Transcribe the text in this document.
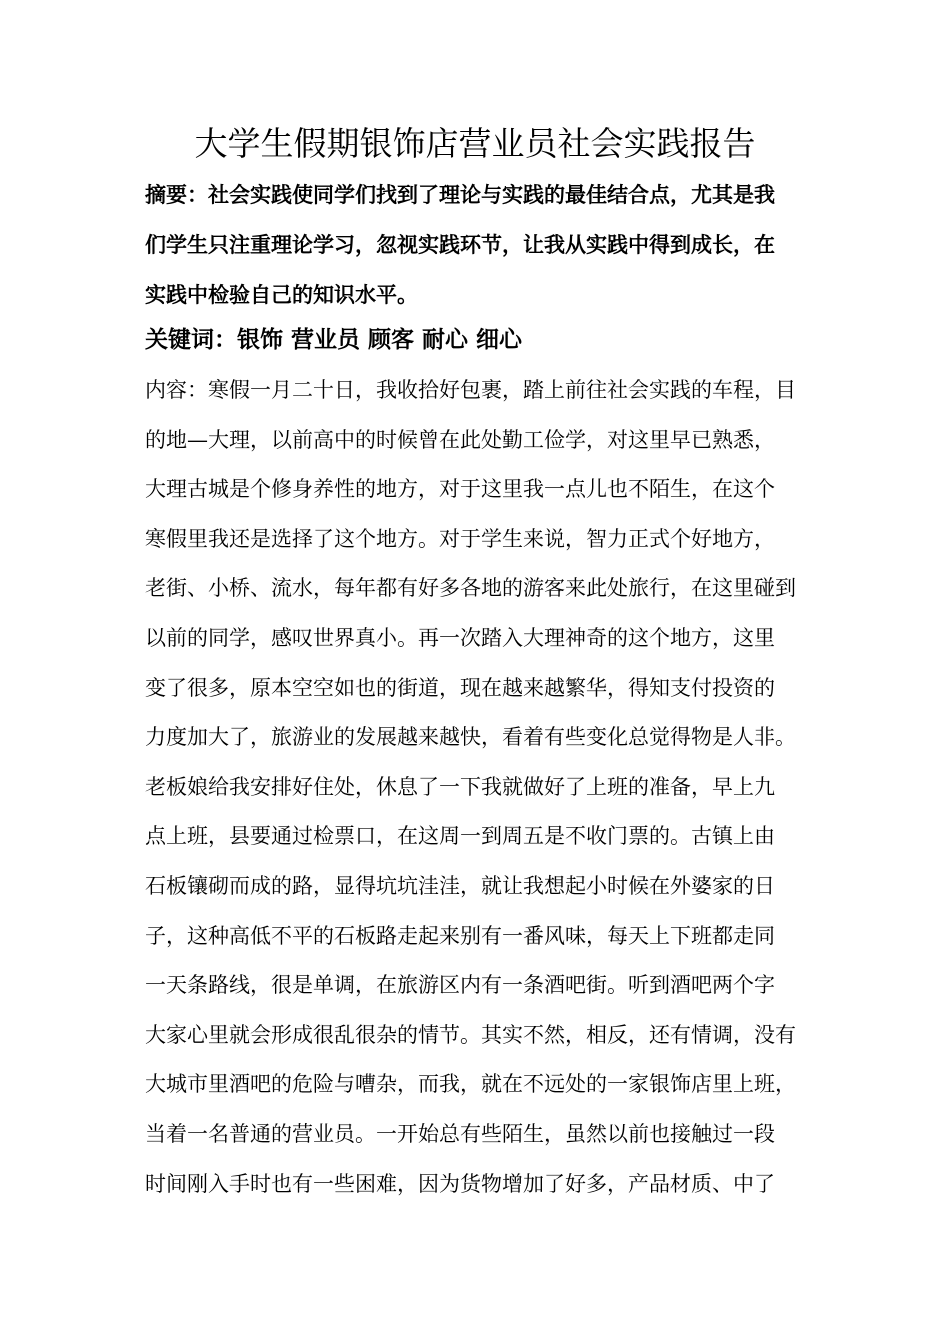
大学生假期银饰店营业员社会实践报告
摘要：社会实践使同学们找到了理论与实践的最佳结合点，尤其是我
们学生只注重理论学习，忽视实践环节，让我从实践中得到成长，在
实践中检验自己的知识水平。
关键词：银饰 营业员 顾客 耐心 细心
内容：寒假一月二十日，我收拾好包裹，踏上前往社会实践的车程，目
的地—大理，以前高中的时候曾在此处勤工俭学，对这里早已熟悉，
大理古城是个修身养性的地方，对于这里我一点儿也不陌生，在这个
寒假里我还是选择了这个地方。对于学生来说，智力正式个好地方，
老街、小桥、流水，每年都有好多各地的游客来此处旅行，在这里碰到
以前的同学，感叹世界真小。再一次踏入大理神奇的这个地方，这里
变了很多，原本空空如也的街道，现在越来越繁华，得知支付投资的
力度加大了，旅游业的发展越来越快，看着有些变化总觉得物是人非。
老板娘给我安排好住处，休息了一下我就做好了上班的准备，早上九
点上班，县要通过检票口，在这周一到周五是不收门票的。古镇上由
石板镶砌而成的路，显得坑坑洼洼，就让我想起小时候在外婆家的日
子，这种高低不平的石板路走起来别有一番风味，每天上下班都走同
一天条路线，很是单调，在旅游区内有一条酒吧街。听到酒吧两个字
大家心里就会形成很乱很杂的情节。其实不然，相反，还有情调，没有
大城市里酒吧的危险与嘈杂，而我，就在不远处的一家银饰店里上班，
当着一名普通的营业员。一开始总有些陌生，虽然以前也接触过一段
时间刚入手时也有一些困难，因为货物增加了好多，产品材质、中了
